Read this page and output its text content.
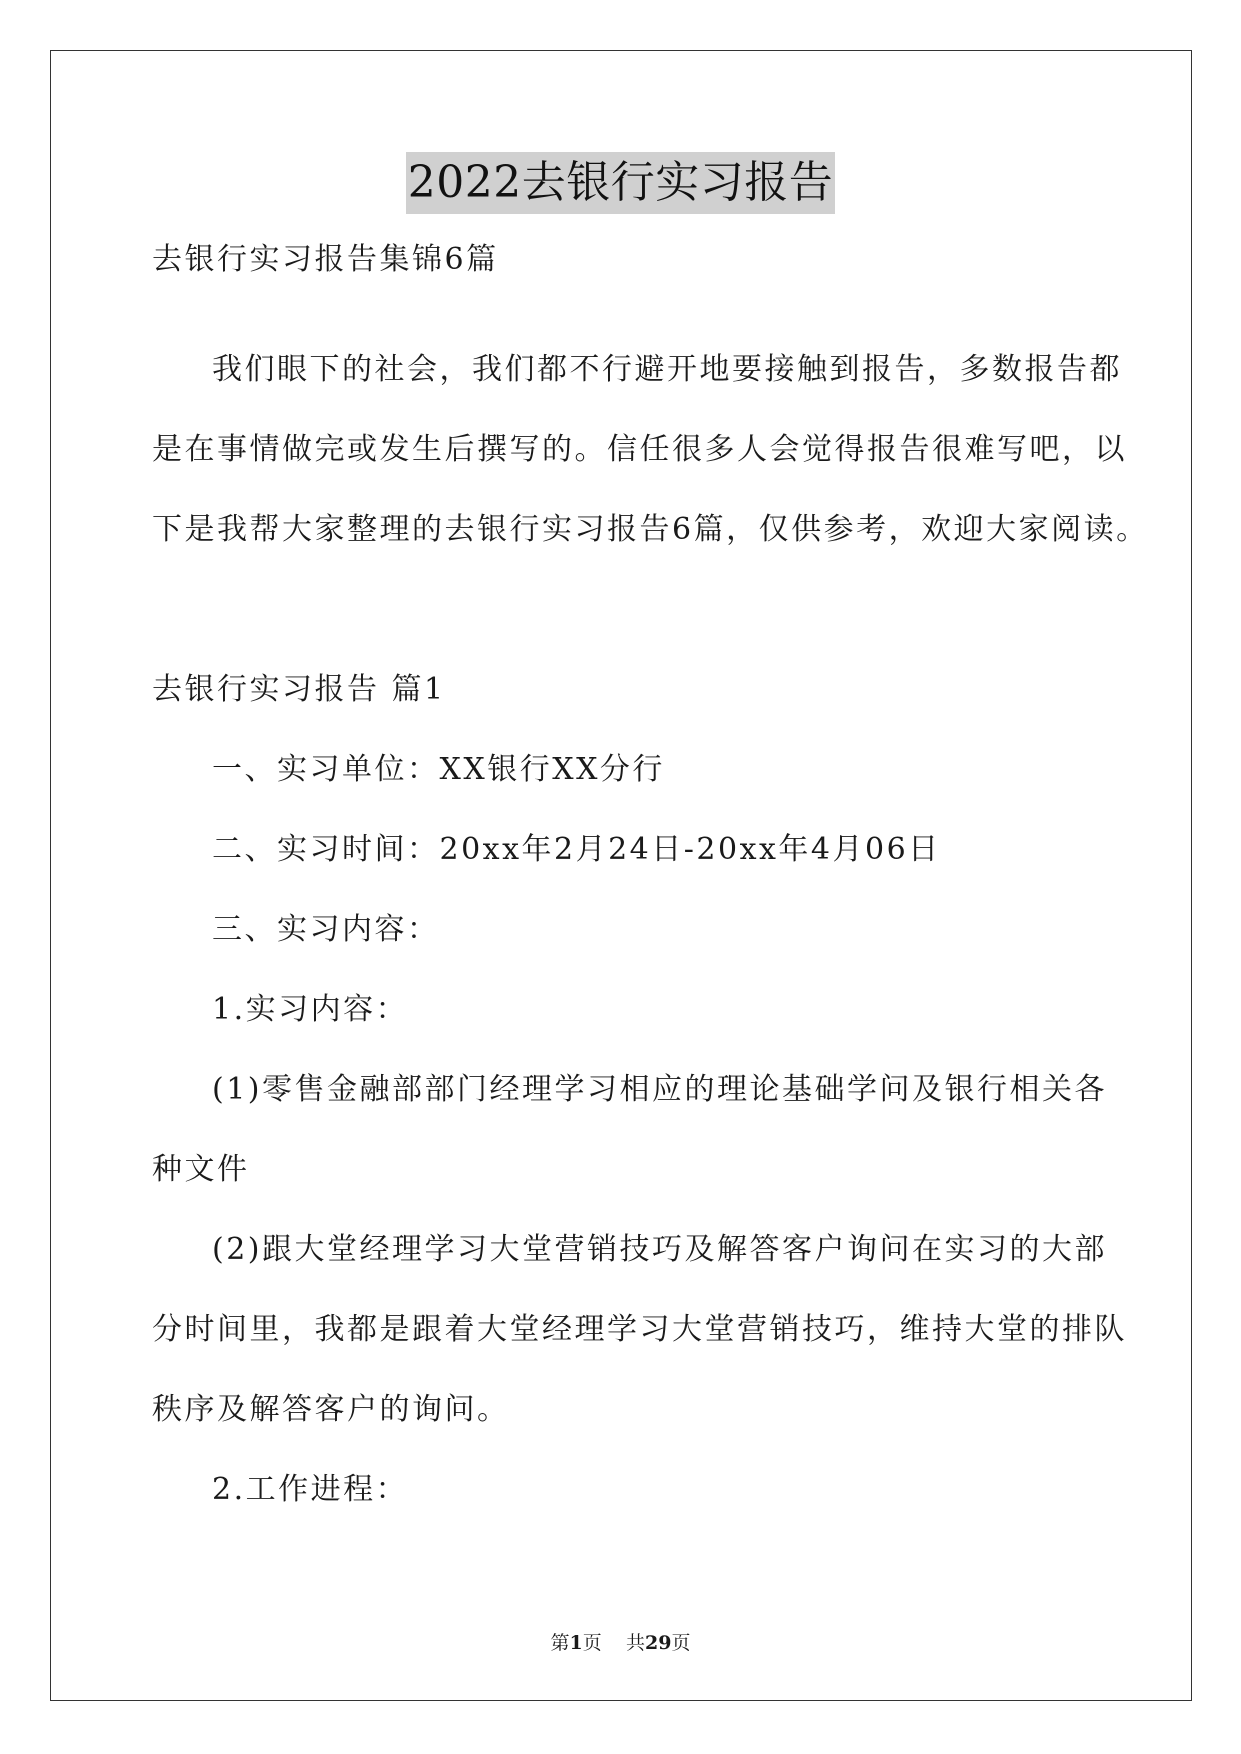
2022去银行实习报告
去银行实习报告集锦6篇
我们眼下的社会，我们都不行避开地要接触到报告，多数报告都
是在事情做完或发生后撰写的。信任很多人会觉得报告很难写吧，以
下是我帮大家整理的去银行实习报告6篇，仅供参考，欢迎大家阅读。
去银行实习报告 篇1
一、实习单位：XX银行XX分行
二、实习时间：20xx年2月24日-20xx年4月06日
三、实习内容：
1.实习内容：
(1)零售金融部部门经理学习相应的理论基础学问及银行相关各
种文件
(2)跟大堂经理学习大堂营销技巧及解答客户询问在实习的大部
分时间里，我都是跟着大堂经理学习大堂营销技巧，维持大堂的排队
秩序及解答客户的询问。
2.工作进程：
第1页 共29页
